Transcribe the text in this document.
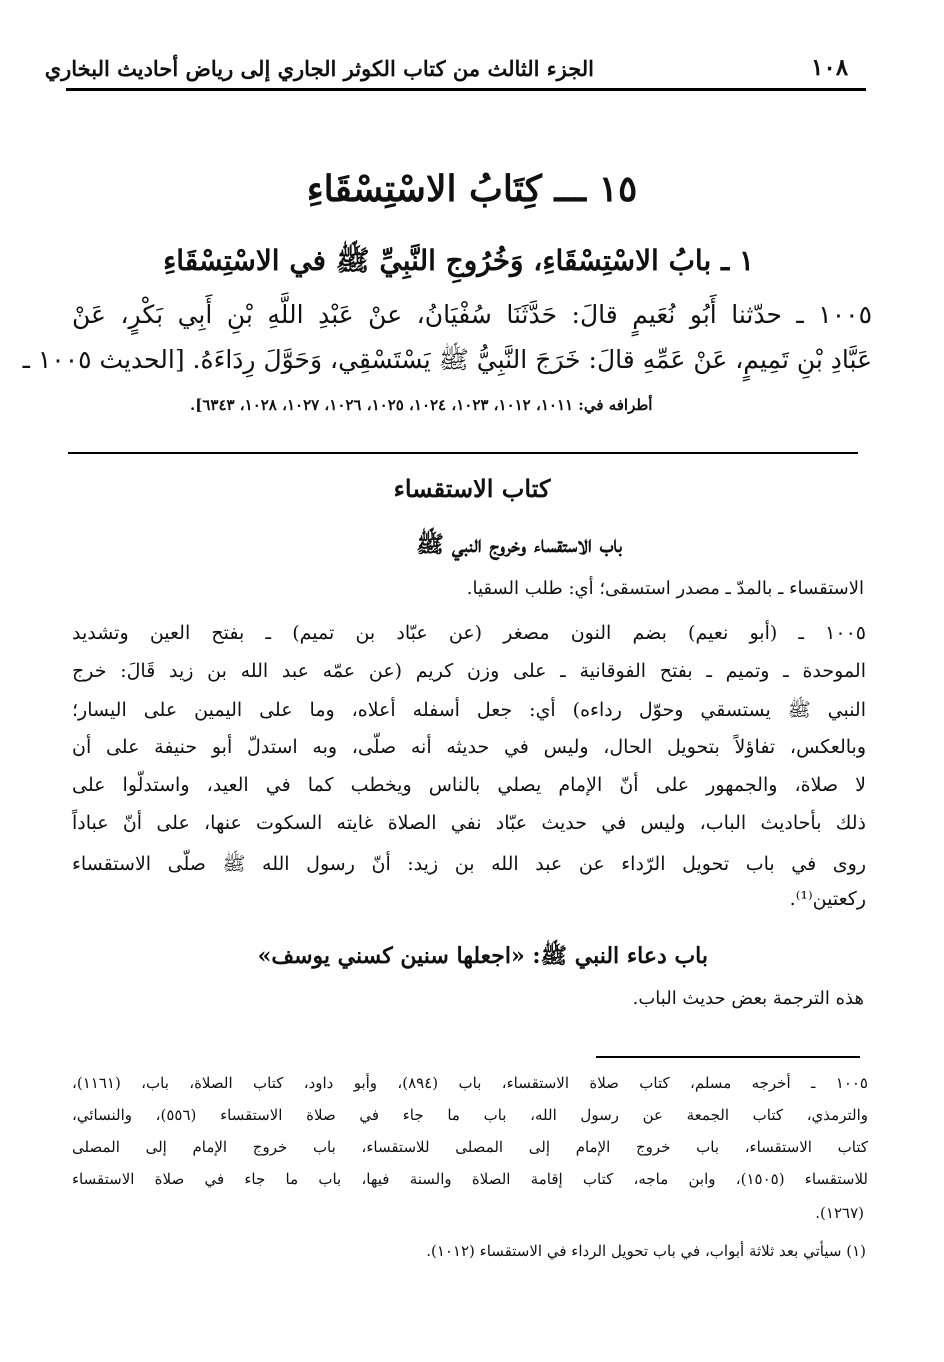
١٠٨
الجزء الثالث من كتاب الكوثر الجاري إلى رياض أحاديث البخاري
١٥ ـــ كِتَابُ الاسْتِسْقَاءِ
١ ـ بابُ الاسْتِسْقَاءِ، وَخُرُوجِ النَّبِيِّ ﷺ في الاسْتِسْقَاءِ
١٠٠٥ ـ حدّثنا أَبُو نُعَيمٍ قالَ: حَدَّثَنَا سُفْيَانُ، عنْ عَبْدِ اللَّهِ بْنِ أَبِي بَكْرٍ، عَنْ
عَبَّادِ بْنِ تَمِيمٍ، عَنْ عَمِّهِ قالَ: خَرَجَ النَّبِيُّ ﷺ يَسْتَسْقِي، وَحَوَّلَ رِدَاءَهُ. [الحديث ١٠٠٥ ـ
أطرافه في: ١٠١١، ١٠١٢، ١٠٢٣، ١٠٢٤، ١٠٢٥، ١٠٢٦، ١٠٢٧، ١٠٢٨، ٦٣٤٣].
كتاب الاستقساء
باب الاستقساء وخروج النبي ﷺ
الاستقساء ـ بالمدّ ـ مصدر استسقى؛ أي: طلب السقيا.
١٠٠٥ ـ (أبو نعيم) بضم النون مصغر (عن عبّاد بن تميم) ـ بفتح العين وتشديد
الموحدة ـ وتميم ـ بفتح الفوقانية ـ على وزن كريم (عن عمّه عبد الله بن زيد قَالَ: خرج
النبي ﷺ يستسقي وحوّل رداءه) أي: جعل أسفله أعلاه، وما على اليمين على اليسار؛
وبالعكس، تفاؤلاً بتحويل الحال، وليس في حديثه أنه صلّى، وبه استدلّ أبو حنيفة على أن
لا صلاة، والجمهور على أنّ الإمام يصلي بالناس ويخطب كما في العيد، واستدلّوا على
ذلك بأحاديث الباب، وليس في حديث عبّاد نفي الصلاة غايته السكوت عنها، على أنّ عباداً
روى في باب تحويل الرّداء عن عبد الله بن زيد: أنّ رسول الله ﷺ صلّى الاستقساء
ركعتين⁽¹⁾.
باب دعاء النبي ﷺ: «اجعلها سنين كسني يوسف»
هذه الترجمة بعض حديث الباب.
١٠٠٥ ـ أخرجه مسلم، كتاب صلاة الاستقساء، باب (٨٩٤)، وأبو داود، كتاب الصلاة، باب، (١١٦١)،
والترمذي، كتاب الجمعة عن رسول الله، باب ما جاء في صلاة الاستقساء (٥٥٦)، والنسائي،
كتاب الاستقساء، باب خروج الإمام إلى المصلى للاستقساء، باب خروج الإمام إلى المصلى
للاستقساء (١٥٠٥)، وابن ماجه، كتاب إقامة الصلاة والسنة فيها، باب ما جاء في صلاة الاستقساء
(١٢٦٧).
(١) سيأتي بعد ثلاثة أبواب، في باب تحويل الرداء في الاستقساء (١٠١٢).
